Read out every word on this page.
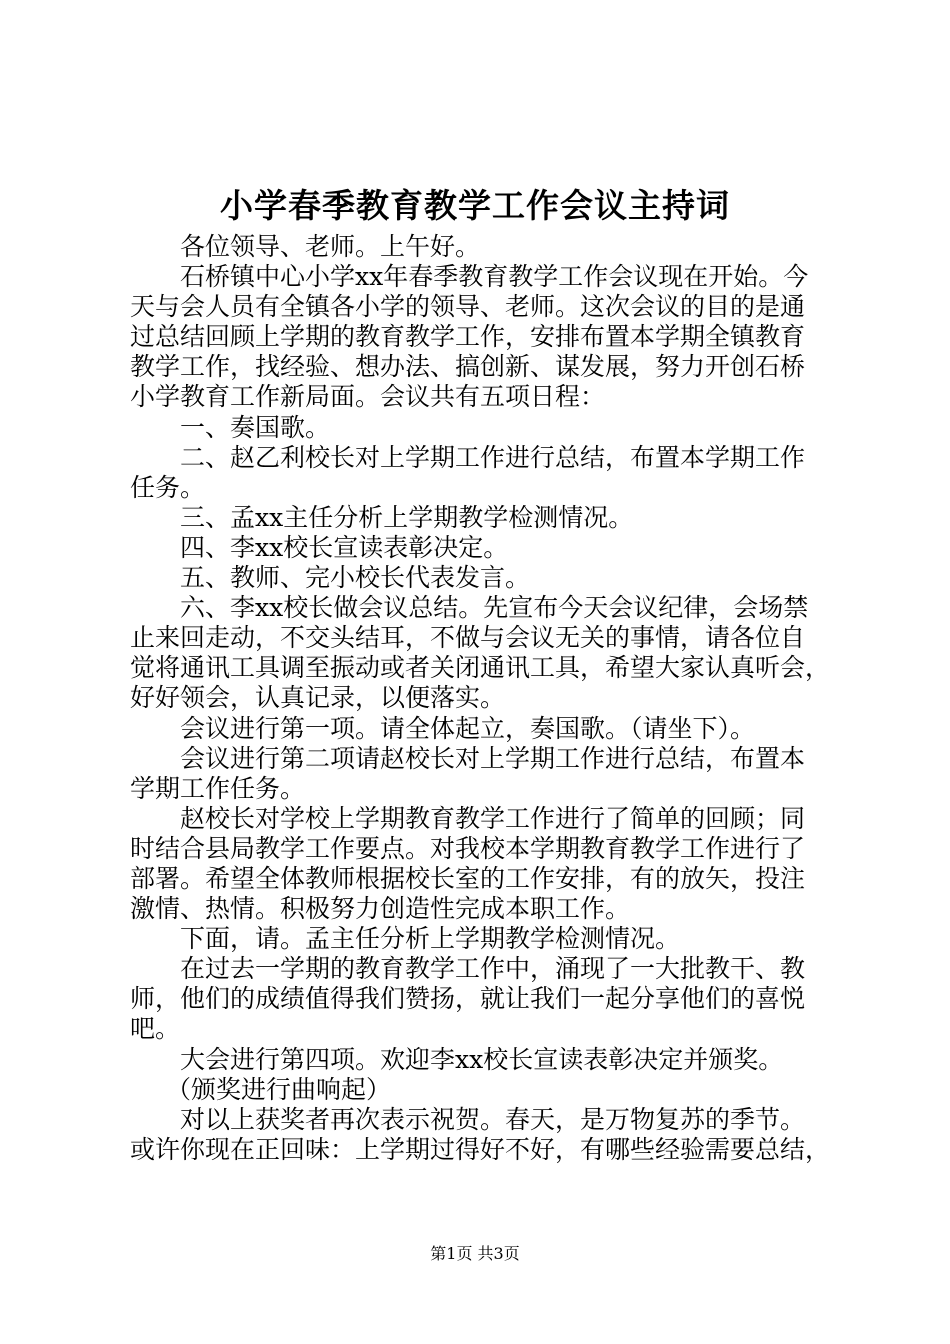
小学春季教育教学工作会议主持词
各位领导、老师。上午好。
石桥镇中心小学xx年春季教育教学工作会议现在开始。今
天与会人员有全镇各小学的领导、老师。这次会议的目的是通
过总结回顾上学期的教育教学工作，安排布置本学期全镇教育
教学工作，找经验、想办法、搞创新、谋发展，努力开创石桥
小学教育工作新局面。会议共有五项日程：
一、奏国歌。
二、赵乙利校长对上学期工作进行总结，布置本学期工作
任务。
三、孟xx主任分析上学期教学检测情况。
四、李xx校长宣读表彰决定。
五、教师、完小校长代表发言。
六、李xx校长做会议总结。先宣布今天会议纪律，会场禁
止来回走动，不交头结耳，不做与会议无关的事情，请各位自
觉将通讯工具调至振动或者关闭通讯工具，希望大家认真听会，
好好领会，认真记录，以便落实。
会议进行第一项。请全体起立，奏国歌。（请坐下）。
会议进行第二项请赵校长对上学期工作进行总结，布置本
学期工作任务。
赵校长对学校上学期教育教学工作进行了简单的回顾；同
时结合县局教学工作要点。对我校本学期教育教学工作进行了
部署。希望全体教师根据校长室的工作安排，有的放矢，投注
激情、热情。积极努力创造性完成本职工作。
下面，请。孟主任分析上学期教学检测情况。
在过去一学期的教育教学工作中，涌现了一大批教干、教
师，他们的成绩值得我们赞扬，就让我们一起分享他们的喜悦
吧。
大会进行第四项。欢迎李xx校长宣读表彰决定并颁奖。
（颁奖进行曲响起）
对以上获奖者再次表示祝贺。春天，是万物复苏的季节。
或许你现在正回味：上学期过得好不好，有哪些经验需要总结，
第1页 共3页
